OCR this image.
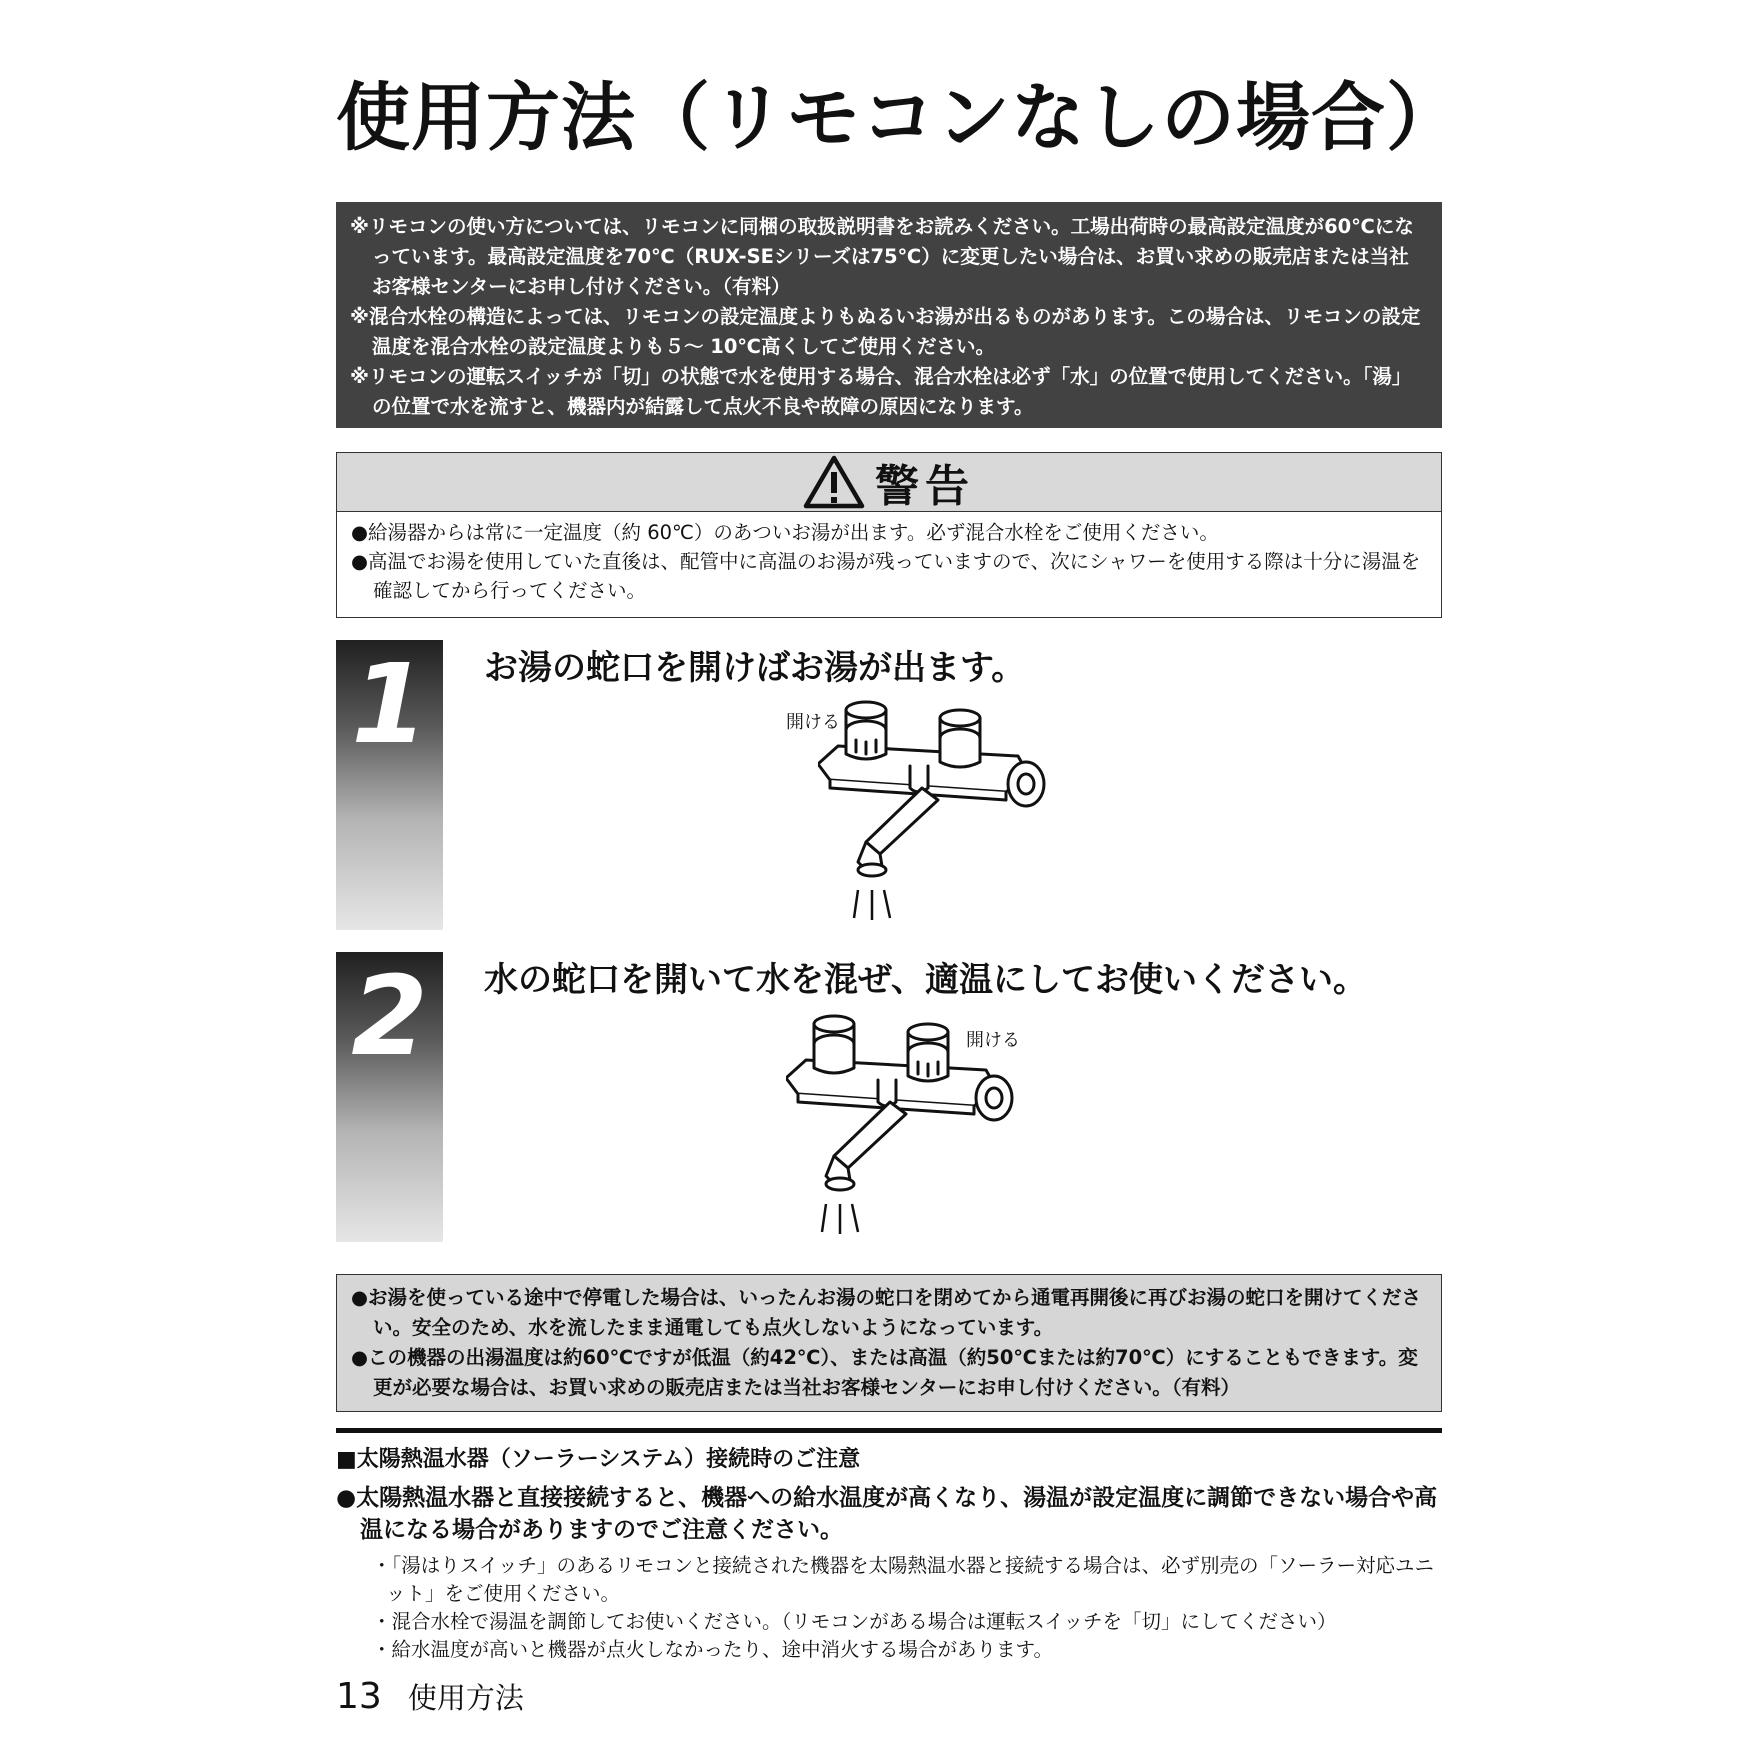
使用方法（リモコンなしの場合）

※リモコンの使い方については、リモコンに同梱の取扱説明書をお読みください。工場出荷時の最高設定温度が60℃になっています。最高設定温度を70℃（RUX-SEシリーズは75℃）に変更したい場合は、お買い求めの販売店または当社お客様センターにお申し付けください。（有料）

※混合水栓の構造によっては、リモコンの設定温度よりもぬるいお湯が出るものがあります。この場合は、リモコンの設定温度を混合水栓の設定温度よりも５～ 10℃高くしてご使用ください。

※リモコンの運転スイッチが「切」の状態で水を使用する場合、混合水栓は必ず「水」の位置で使用してください。「湯」の位置で水を流すと、機器内が結露して点火不良や故障の原因になります。

警告

●給湯器からは常に一定温度（約 60℃）のあついお湯が出ます。必ず混合水栓をご使用ください。

●高温でお湯を使用していた直後は、配管中に高温のお湯が残っていますので、次にシャワーを使用する際は十分に湯温を確認してから行ってください。

1	お湯の蛇口を開けばお湯が出ます。

開ける
2	水の蛇口を開いて水を混ぜ、適温にしてお使いください。

開ける

●お湯を使っている途中で停電した場合は、いったんお湯の蛇口を閉めてから通電再開後に再びお湯の蛇口を開けてください。安全のため、水を流したまま通電しても点火しないようになっています。

●この機器の出湯温度は約60℃ですが低温（約42℃）、または高温（約50℃または約70℃）にすることもできます。変更が必要な場合は、お買い求めの販売店または当社お客様センターにお申し付けください。（有料）

■太陽熱温水器（ソーラーシステム）接続時のご注意

●太陽熱温水器と直接接続すると、機器への給水温度が高くなり、湯温が設定温度に調節できない場合や高温になる場合がありますのでご注意ください。

・「湯はりスイッチ」のあるリモコンと接続された機器を太陽熱温水器と接続する場合は、必ず別売の「ソーラー対応ユニット」をご使用ください。

・混合水栓で湯温を調節してお使いください。（リモコンがある場合は運転スイッチを「切」にしてください）

・給水温度が高いと機器が点火しなかったり、途中消火する場合があります。

13 使用方法
